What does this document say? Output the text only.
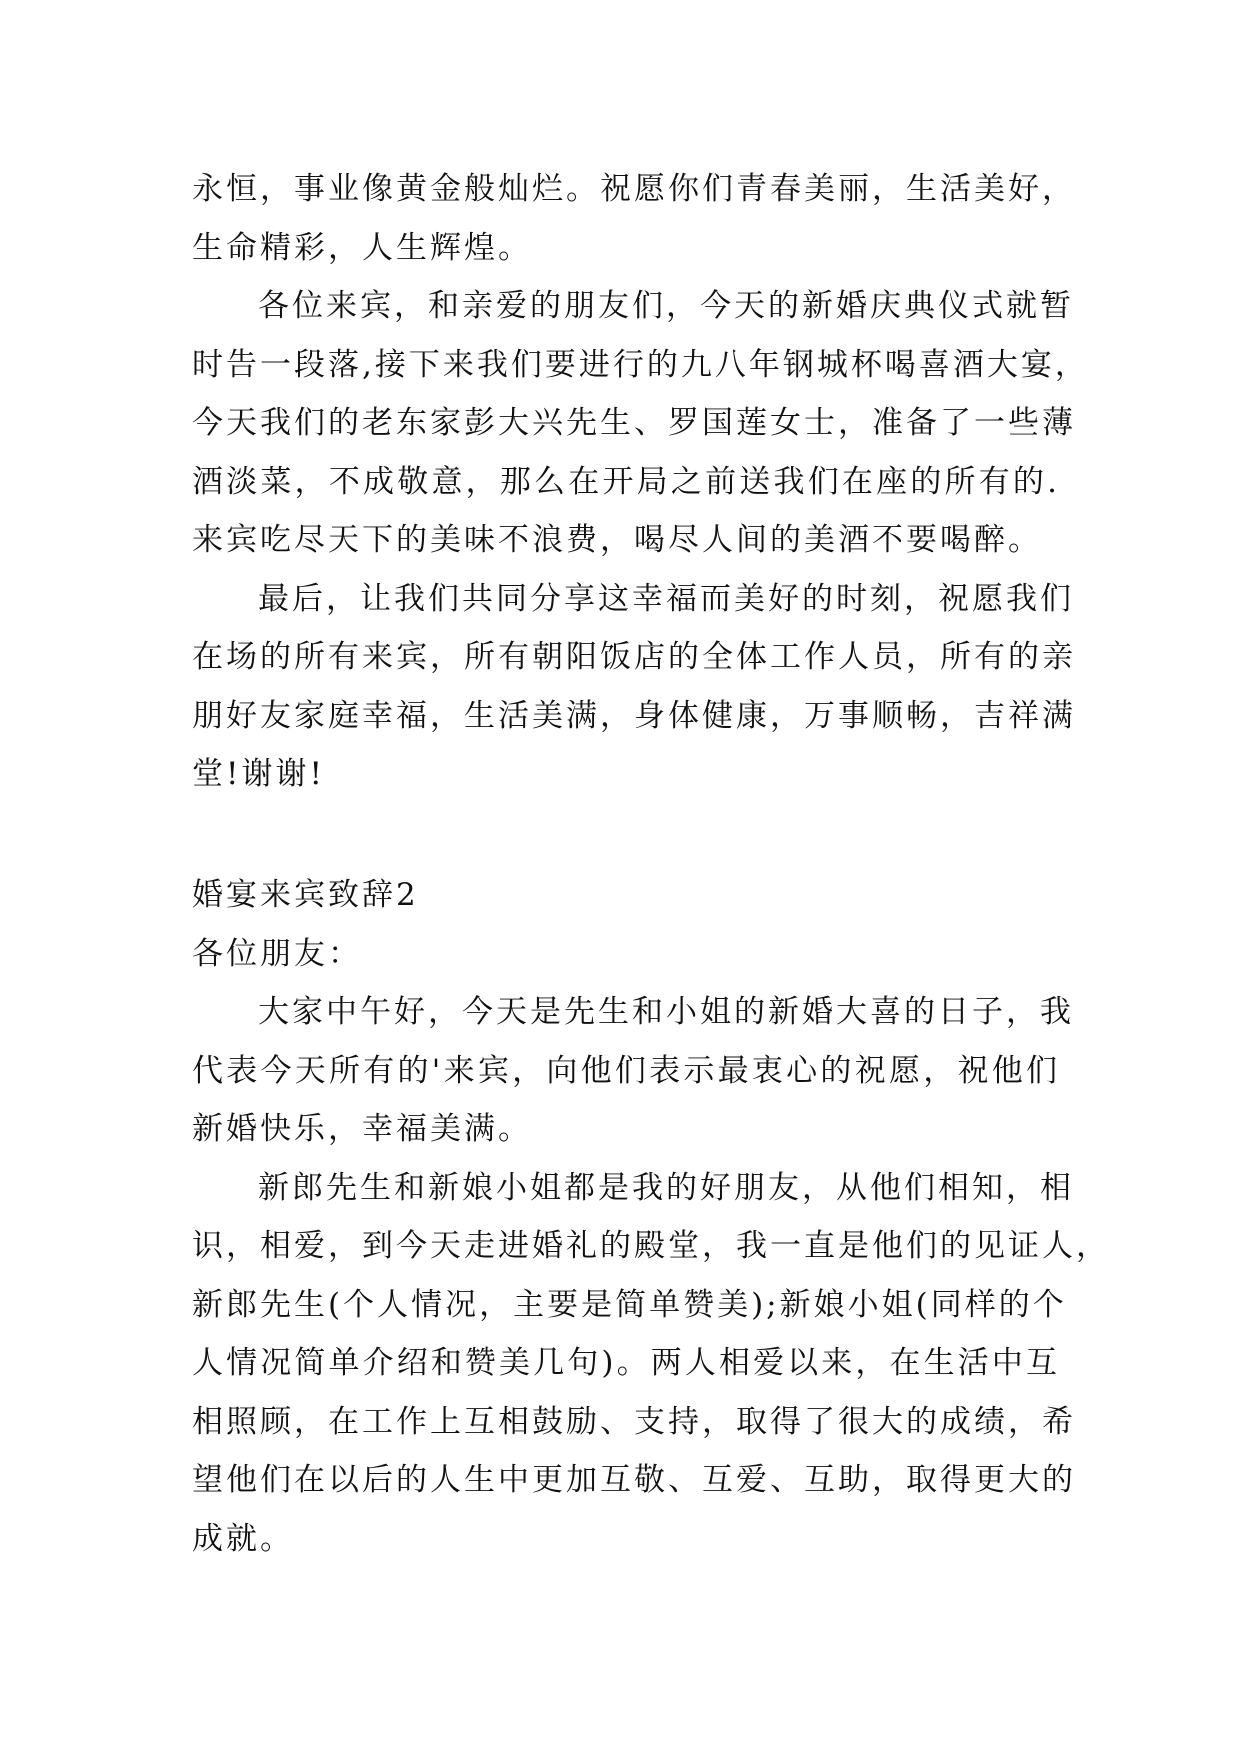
永恒，事业像黄金般灿烂。祝愿你们青春美丽，生活美好，
生命精彩，人生辉煌。
各位来宾，和亲爱的朋友们，今天的新婚庆典仪式就暂
时告一段落,接下来我们要进行的九八年钢城杯喝喜酒大宴，
今天我们的老东家彭大兴先生、罗国莲女士，准备了一些薄
酒淡菜，不成敬意，那么在开局之前送我们在座的所有的.
来宾吃尽天下的美味不浪费，喝尽人间的美酒不要喝醉。
最后，让我们共同分享这幸福而美好的时刻，祝愿我们
在场的所有来宾，所有朝阳饭店的全体工作人员，所有的亲
朋好友家庭幸福，生活美满，身体健康，万事顺畅，吉祥满
堂!谢谢!
婚宴来宾致辞2
各位朋友：
大家中午好，今天是先生和小姐的新婚大喜的日子，我
代表今天所有的'来宾，向他们表示最衷心的祝愿，祝他们
新婚快乐，幸福美满。
新郎先生和新娘小姐都是我的好朋友，从他们相知，相
识，相爱，到今天走进婚礼的殿堂，我一直是他们的见证人，
新郎先生(个人情况，主要是简单赞美);新娘小姐(同样的个
人情况简单介绍和赞美几句)。两人相爱以来，在生活中互
相照顾，在工作上互相鼓励、支持，取得了很大的成绩，希
望他们在以后的人生中更加互敬、互爱、互助，取得更大的
成就。
